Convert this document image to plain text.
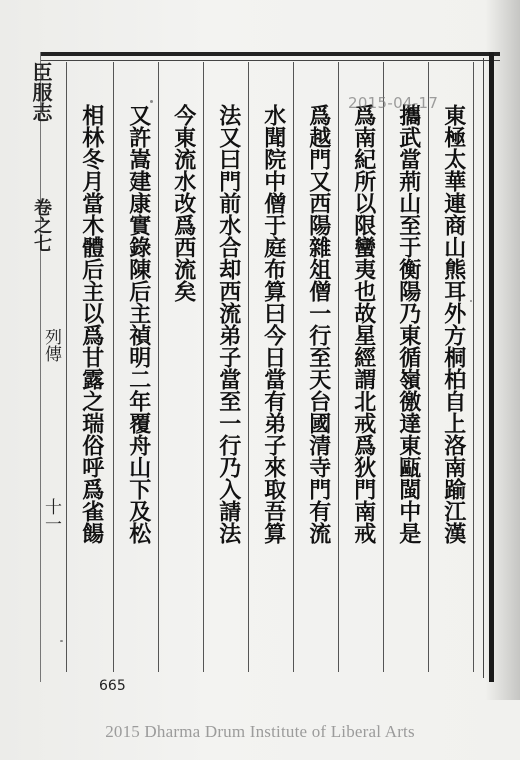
臣服志
卷之七
列傳
十一	東極太華連商山熊耳外方桐柏自上洛南踰江漢
攜武當荊山至于衡陽乃東循嶺徼達東甌閩中是
爲南紀所以限蠻夷也故星經謂北戒爲狄門南戒
爲越門又西陽雜俎僧一行至天台國清寺門有流
水聞院中僧于庭布算曰今日當有弟子來取吾算
法又曰門前水合却西流弟子當至一行乃入請法
今東流水改爲西流矣
又許嵩建康實錄陳后主禎明二年覆舟山下及松
相林冬月當木體后主以爲甘露之瑞俗呼爲雀餳
2015-04-17
665
2015 Dharma Drum Institute of Liberal Arts
